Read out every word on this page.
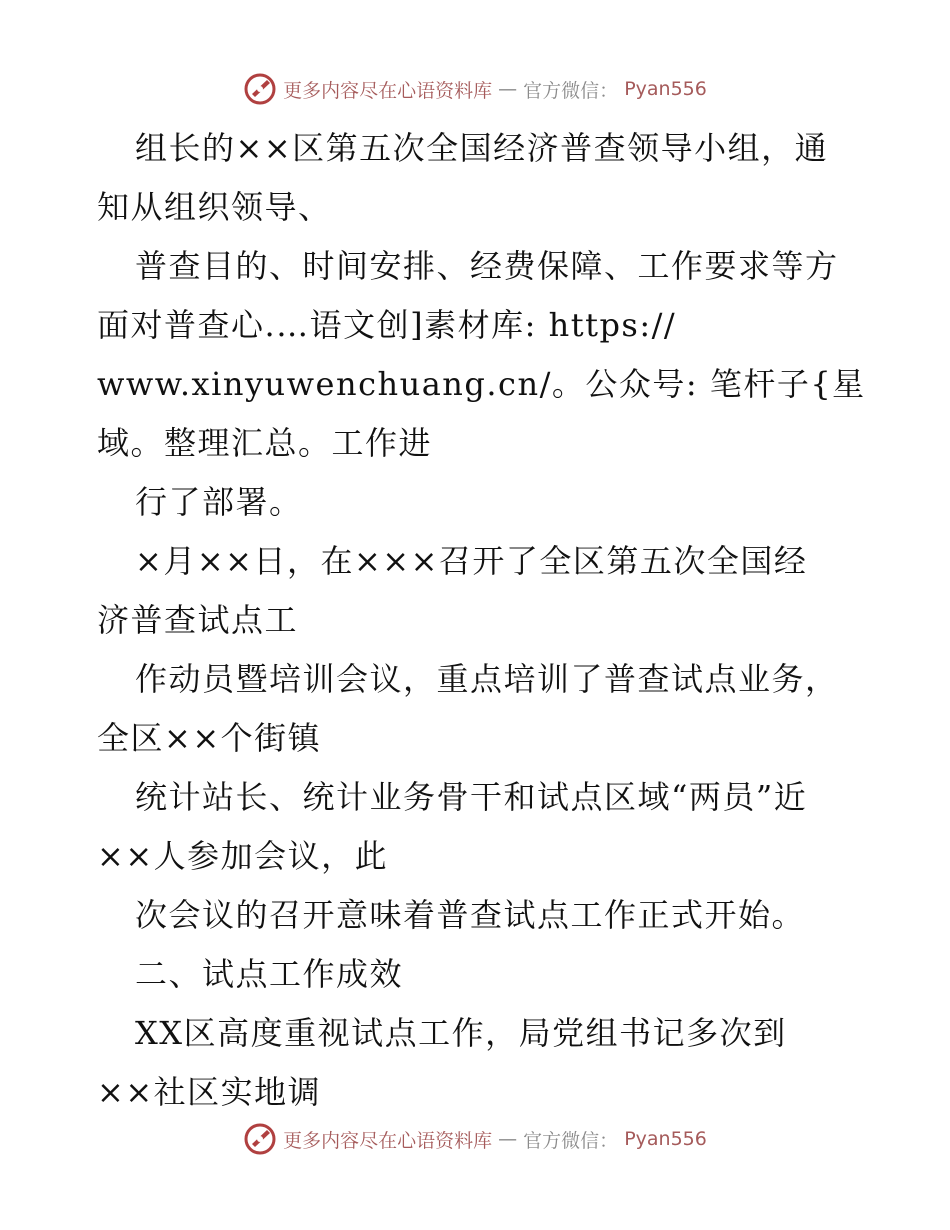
更多内容尽在心语资料库 — 官方微信： Pyan556
组长的××区第五次全国经济普查领导小组，通
知从组织领导、
普查目的、时间安排、经费保障、工作要求等方
面对普查心.…语文创]素材库: https://
www.xinyuwenchuang.cn/。公众号: 笔杆子{星
域。整理汇总。工作进
行了部署。
×月××日，在×××召开了全区第五次全国经
济普查试点工
作动员暨培训会议，重点培训了普查试点业务，
全区××个街镇
统计站长、统计业务骨干和试点区域“两员”近
××人参加会议，此
次会议的召开意味着普查试点工作正式开始。
二、试点工作成效
XX区高度重视试点工作，局党组书记多次到
××社区实地调
更多内容尽在心语资料库 — 官方微信： Pyan556
